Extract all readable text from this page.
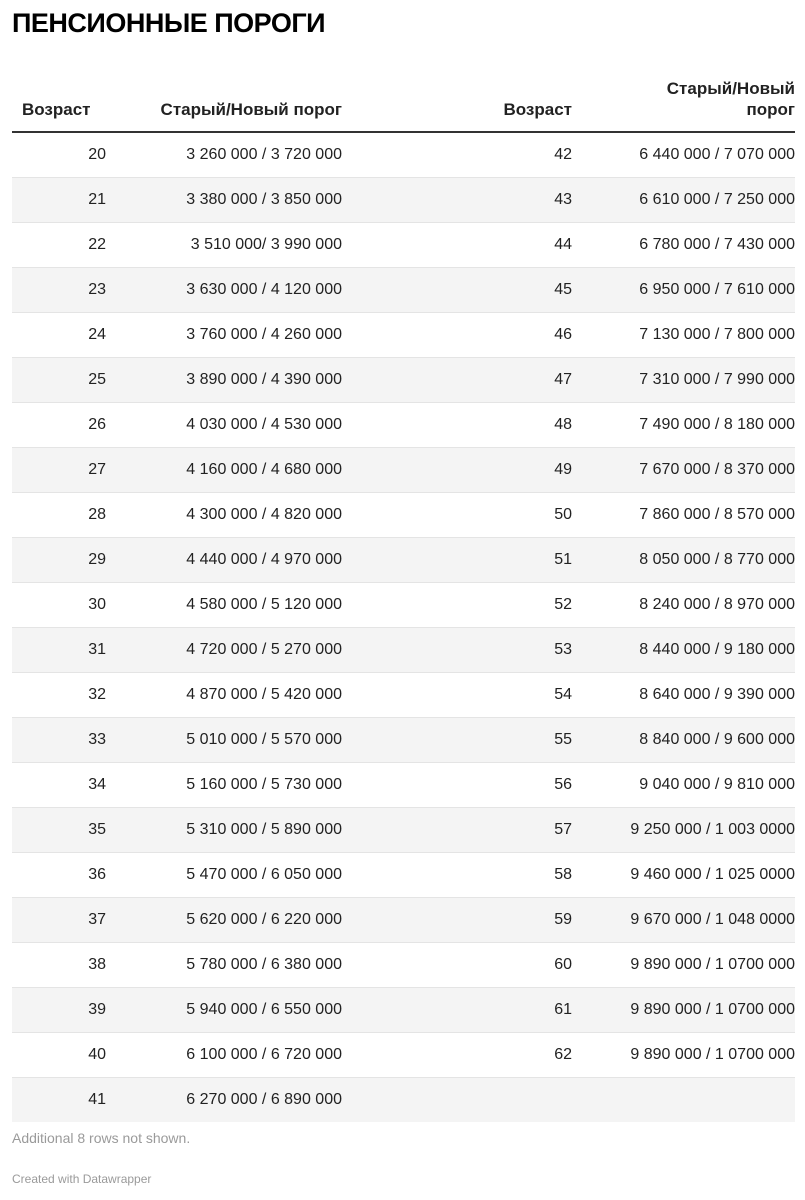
ПЕНСИОННЫЕ ПОРОГИ
Возраст	Старый/Новый порог	Возраст	Старый/Новый порог
20	3 260 000 / 3 720 000	42	6 440 000 / 7 070 000
21	3 380 000 / 3 850 000	43	6 610 000 / 7 250 000
22	3 510 000/ 3 990 000	44	6 780 000 / 7 430 000
23	3 630 000 / 4 120 000	45	6 950 000 / 7 610 000
24	3 760 000 / 4 260 000	46	7 130 000 / 7 800 000
25	3 890 000 / 4 390 000	47	7 310 000 / 7 990 000
26	4 030 000 / 4 530 000	48	7 490 000 / 8 180 000
27	4 160 000 / 4 680 000	49	7 670 000 / 8 370 000
28	4 300 000 / 4 820 000	50	7 860 000 / 8 570 000
29	4 440 000 / 4 970 000	51	8 050 000 / 8 770 000
30	4 580 000 / 5 120 000	52	8 240 000 / 8 970 000
31	4 720 000 / 5 270 000	53	8 440 000 / 9 180 000
32	4 870 000 / 5 420 000	54	8 640 000 / 9 390 000
33	5 010 000 / 5 570 000	55	8 840 000 / 9 600 000
34	5 160 000 / 5 730 000	56	9 040 000 / 9 810 000
35	5 310 000 / 5 890 000	57	9 250 000 / 1 003 0000
36	5 470 000 / 6 050 000	58	9 460 000 / 1 025 0000
37	5 620 000 / 6 220 000	59	9 670 000 / 1 048 0000
38	5 780 000 / 6 380 000	60	9 890 000 / 1 0700 000
39	5 940 000 / 6 550 000	61	9 890 000 / 1 0700 000
40	6 100 000 / 6 720 000	62	9 890 000 / 1 0700 000
41	6 270 000 / 6 890 000		

Additional 8 rows not shown.

Created with Datawrapper
